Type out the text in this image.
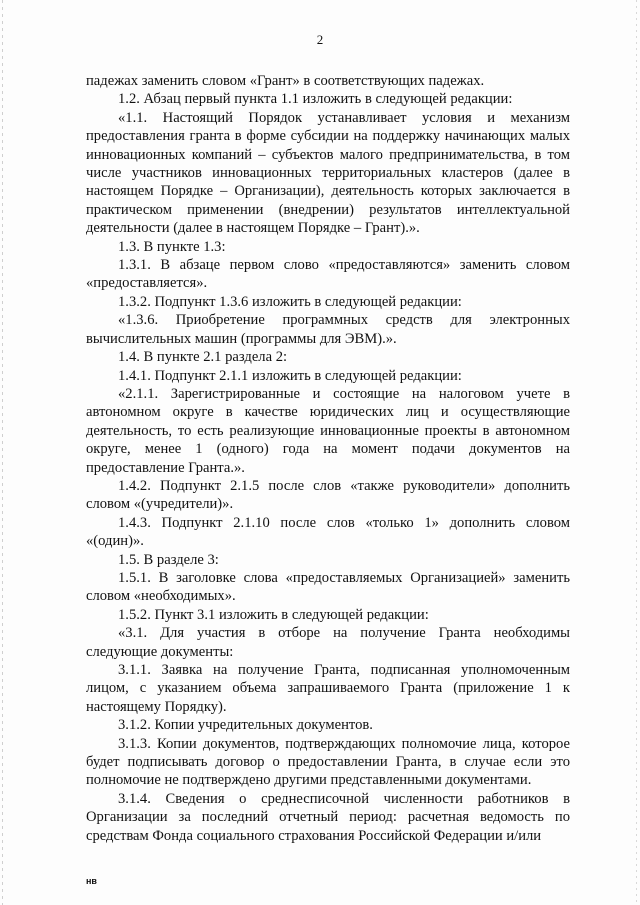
2

падежах заменить словом «Грант» в соответствующих падежах.

1.2. Абзац первый пункта 1.1 изложить в следующей редакции:

«1.1. Настоящий Порядок устанавливает условия и механизм предоставления гранта в форме субсидии на поддержку начинающих малых инновационных компаний – субъектов малого предпринимательства, в том числе участников инновационных территориальных кластеров (далее в настоящем Порядке – Организации), деятельность которых заключается в практическом применении (внедрении) результатов интеллектуальной деятельности (далее в настоящем Порядке – Грант).».

1.3. В пункте 1.3:

1.3.1. В абзаце первом слово «предоставляются» заменить словом «предоставляется».

1.3.2. Подпункт 1.3.6 изложить в следующей редакции:

«1.3.6. Приобретение программных средств для электронных вычислительных машин (программы для ЭВМ).».

1.4. В пункте 2.1 раздела 2:

1.4.1. Подпункт 2.1.1 изложить в следующей редакции:

«2.1.1. Зарегистрированные и состоящие на налоговом учете в автономном округе в качестве юридических лиц и осуществляющие деятельность, то есть реализующие инновационные проекты в автономном округе, менее 1 (одного) года на момент подачи документов на предоставление Гранта.».

1.4.2. Подпункт 2.1.5 после слов «также руководители» дополнить словом «(учредители)».

1.4.3. Подпункт 2.1.10 после слов «только 1» дополнить словом «(один)».

1.5. В разделе 3:

1.5.1. В заголовке слова «предоставляемых Организацией» заменить словом «необходимых».

1.5.2. Пункт 3.1 изложить в следующей редакции:

«3.1. Для участия в отборе на получение Гранта необходимы следующие документы:

3.1.1. Заявка на получение Гранта, подписанная уполномоченным лицом, с указанием объема запрашиваемого Гранта (приложение 1 к настоящему Порядку).

3.1.2. Копии учредительных документов.

3.1.3. Копии документов, подтверждающих полномочие лица, которое будет подписывать договор о предоставлении Гранта, в случае если это полномочие не подтверждено другими представленными документами.

3.1.4. Сведения о среднесписочной численности работников в Организации за последний отчетный период: расчетная ведомость по средствам Фонда социального страхования Российской Федерации и/или

нв
